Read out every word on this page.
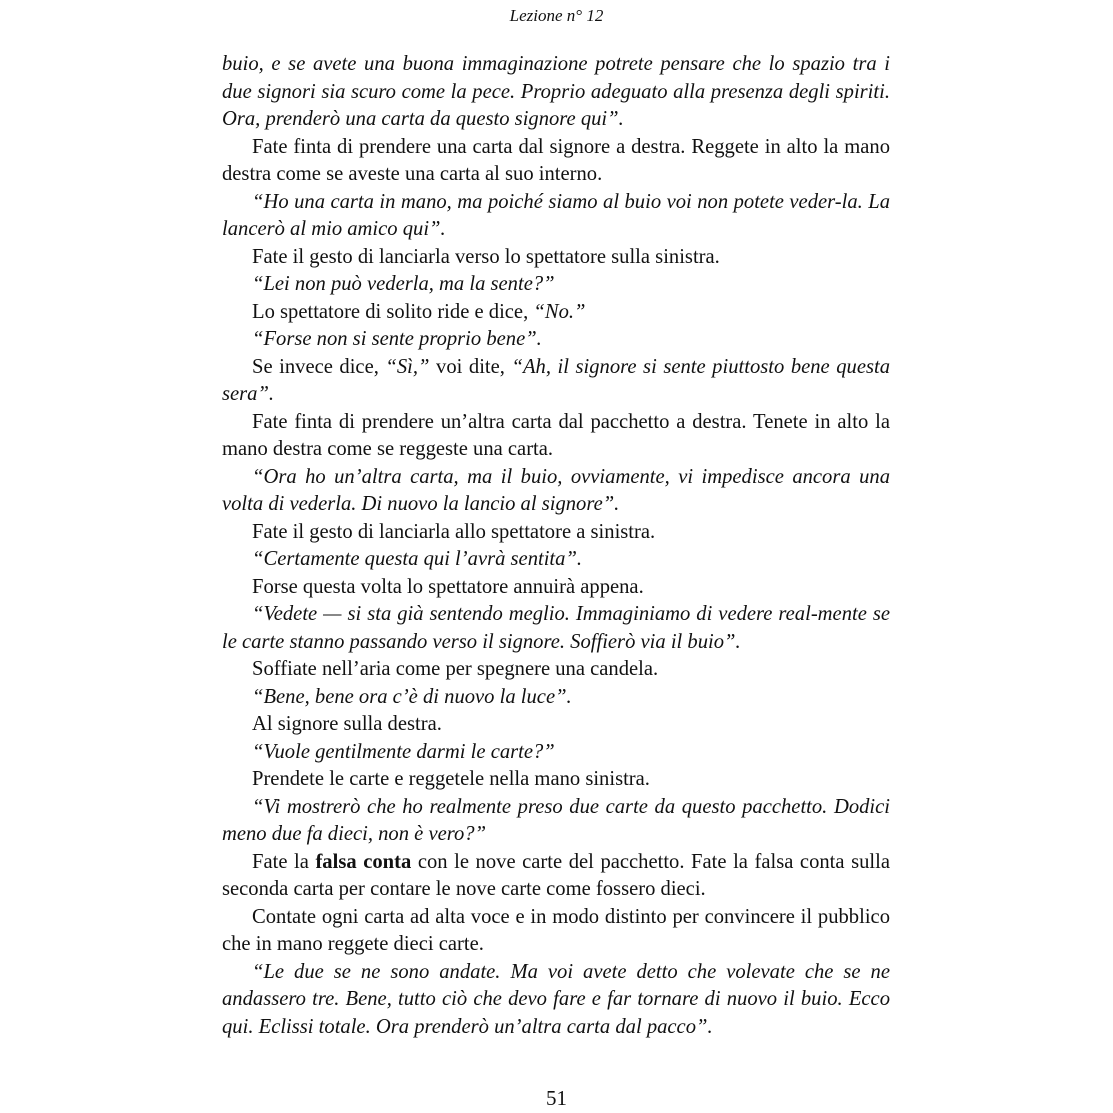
Lezione n° 12

buio, e se avete una buona immaginazione potrete pensare che lo spazio tra i due signori sia scuro come la pece. Proprio adeguato alla presenza degli spiriti. Ora, prenderò una carta da questo signore qui”.

Fate finta di prendere una carta dal signore a destra. Reggete in alto la mano destra come se aveste una carta al suo interno.

“Ho una carta in mano, ma poiché siamo al buio voi non potete veder-la. La lancerò al mio amico qui”.

Fate il gesto di lanciarla verso lo spettatore sulla sinistra.

“Lei non può vederla, ma la sente?”

Lo spettatore di solito ride e dice, “No.”

“Forse non si sente proprio bene”.

Se invece dice, “Sì,” voi dite, “Ah, il signore si sente piuttosto bene questa sera”.

Fate finta di prendere un’altra carta dal pacchetto a destra. Tenete in alto la mano destra come se reggeste una carta.

“Ora ho un’altra carta, ma il buio, ovviamente, vi impedisce ancora una volta di vederla. Di nuovo la lancio al signore”.

Fate il gesto di lanciarla allo spettatore a sinistra.

“Certamente questa qui l’avrà sentita”.

Forse questa volta lo spettatore annuirà appena.

“Vedete — si sta già sentendo meglio. Immaginiamo di vedere real-mente se le carte stanno passando verso il signore. Soffierò via il buio”.

Soffiate nell’aria come per spegnere una candela.

“Bene, bene ora c’è di nuovo la luce”.

Al signore sulla destra.

“Vuole gentilmente darmi le carte?”

Prendete le carte e reggetele nella mano sinistra.

“Vi mostrerò che ho realmente preso due carte da questo pacchetto. Dodici meno due fa dieci, non è vero?”

Fate la falsa conta con le nove carte del pacchetto. Fate la falsa conta sulla seconda carta per contare le nove carte come fossero dieci.

Contate ogni carta ad alta voce e in modo distinto per convincere il pubblico che in mano reggete dieci carte.

“Le due se ne sono andate. Ma voi avete detto che volevate che se ne andassero tre. Bene, tutto ciò che devo fare e far tornare di nuovo il buio. Ecco qui. Eclissi totale. Ora prenderò un’altra carta dal pacco”.

51
